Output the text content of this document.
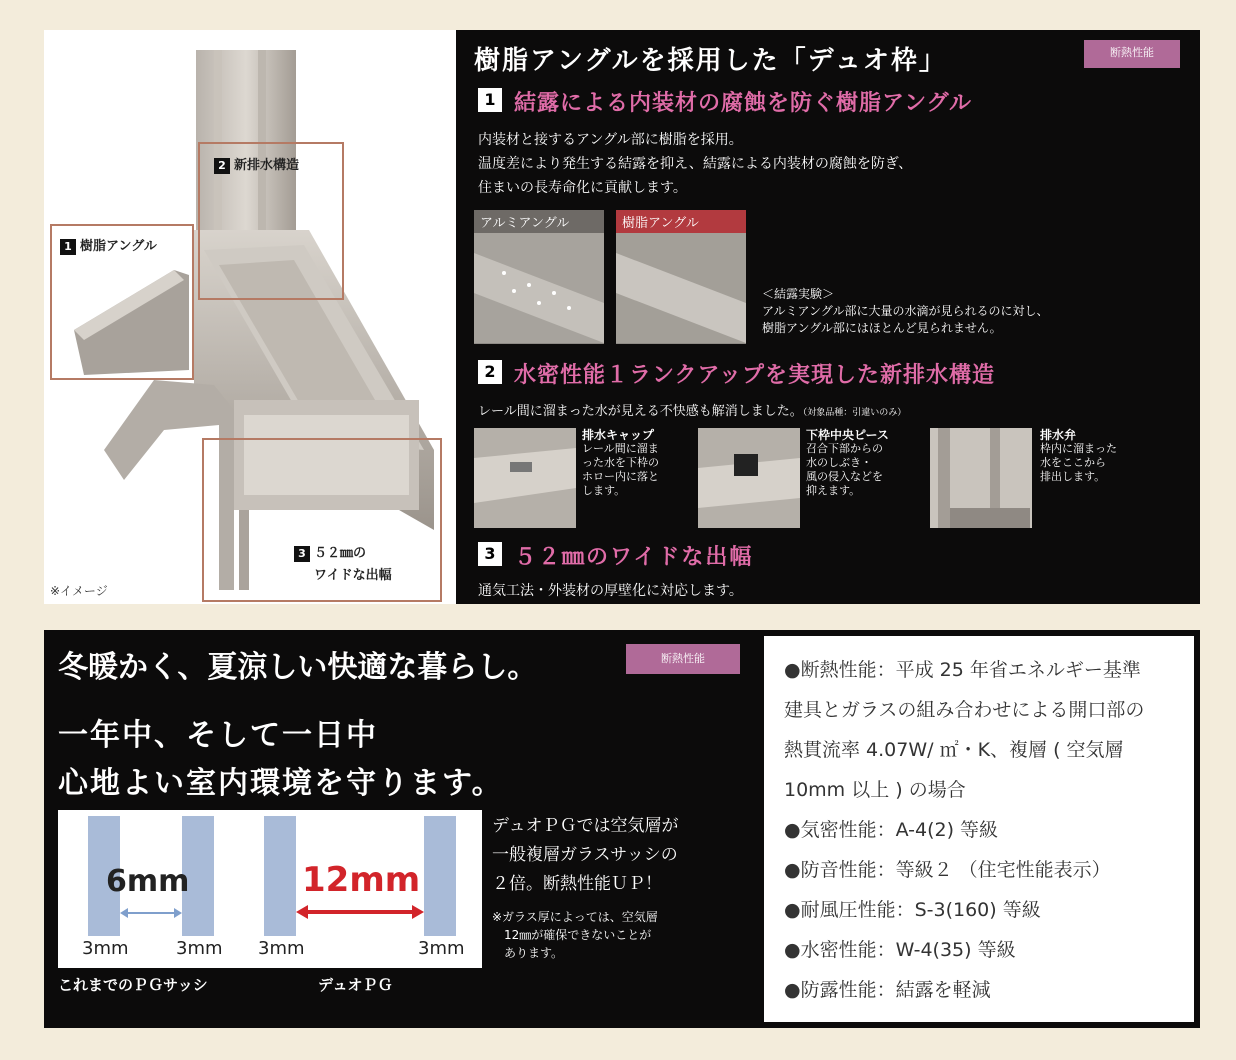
1 樹脂アングル
2 新排水構造
3 ５２㎜の
ワイドな出幅
※イメージ
樹脂アングルを採用した「デュオ枠」	断熱性能
1 結露による内装材の腐蝕を防ぐ樹脂アングル
内装材と接するアングル部に樹脂を採用。
温度差により発生する結露を抑え、結露による内装材の腐蝕を防ぎ、
住まいの長寿命化に貢献します。
アルミアングル	樹脂アングル
＜結露実験＞
アルミアングル部に大量の水滴が見られるのに対し、
樹脂アングル部にはほとんど見られません。
2 水密性能１ランクアップを実現した新排水構造
レール間に溜まった水が見える不快感も解消しました。（対象品種：引違いのみ）
排水キャップ
レール間に溜ま
った水を下枠の
ホロー内に落と
します。
下枠中央ピース
召合下部からの
水のしぶき・
風の侵入などを
抑えます。
排水弁
枠内に溜まった
水をここから
排出します。
3 ５２㎜のワイドな出幅
通気工法・外装材の厚壁化に対応します。
冬暖かく、夏涼しい快適な暮らし。	断熱性能
一年中、そして一日中
心地よい室内環境を守ります。
6mm	12mm
3mm	3mm 3mm	3mm
これまでのＰＧサッシ	デュオＰＧ
デュオＰＧでは空気層が
一般複層ガラスサッシの
２倍。断熱性能ＵＰ！
※ガラス厚によっては、空気層
　12㎜が確保できないことが
　あります。
●断熱性能：平成 25 年省エネルギー基準
建具とガラスの組み合わせによる開口部の
熱貫流率 4.07W/ ㎡・K、複層 ( 空気層
10mm 以上 ) の場合
●気密性能：A-4(2) 等級
●防音性能：等級２ （住宅性能表示）
●耐風圧性能：S-3(160) 等級
●水密性能：W-4(35) 等級
●防露性能：結露を軽減
